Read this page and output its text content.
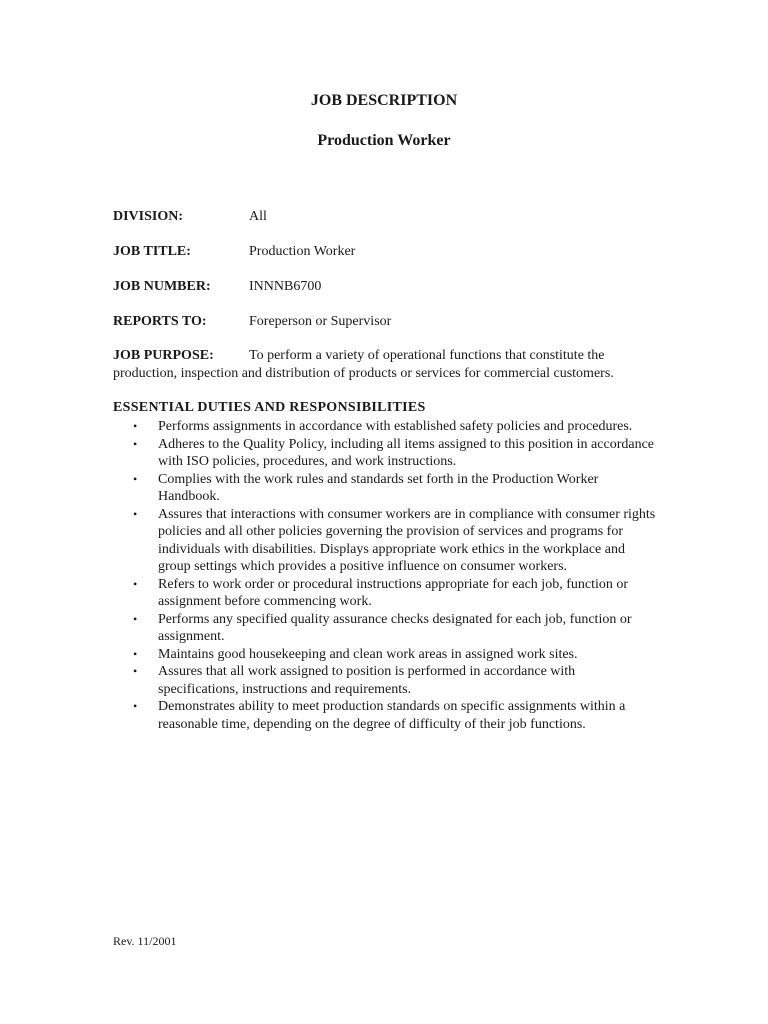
JOB DESCRIPTION
Production Worker
DIVISION:	All
JOB TITLE:	Production Worker
JOB NUMBER:	INNNB6700
REPORTS TO:	Foreperson or Supervisor

JOB PURPOSE:	To perform a variety of operational functions that constitute the production, inspection and distribution of products or services for commercial customers.

ESSENTIAL DUTIES AND RESPONSIBILITIES
• Performs assignments in accordance with established safety policies and procedures.
• Adheres to the Quality Policy, including all items assigned to this position in accordance with ISO policies, procedures, and work instructions.
• Complies with the work rules and standards set forth in the Production Worker Handbook.
• Assures that interactions with consumer workers are in compliance with consumer rights policies and all other policies governing the provision of services and programs for individuals with disabilities. Displays appropriate work ethics in the workplace and group settings which provides a positive influence on consumer workers.
• Refers to work order or procedural instructions appropriate for each job, function or assignment before commencing work.
• Performs any specified quality assurance checks designated for each job, function or assignment.
• Maintains good housekeeping and clean work areas in assigned work sites.
• Assures that all work assigned to position is performed in accordance with specifications, instructions and requirements.
• Demonstrates ability to meet production standards on specific assignments within a reasonable time, depending on the degree of difficulty of their job functions.

Rev. 11/2001
